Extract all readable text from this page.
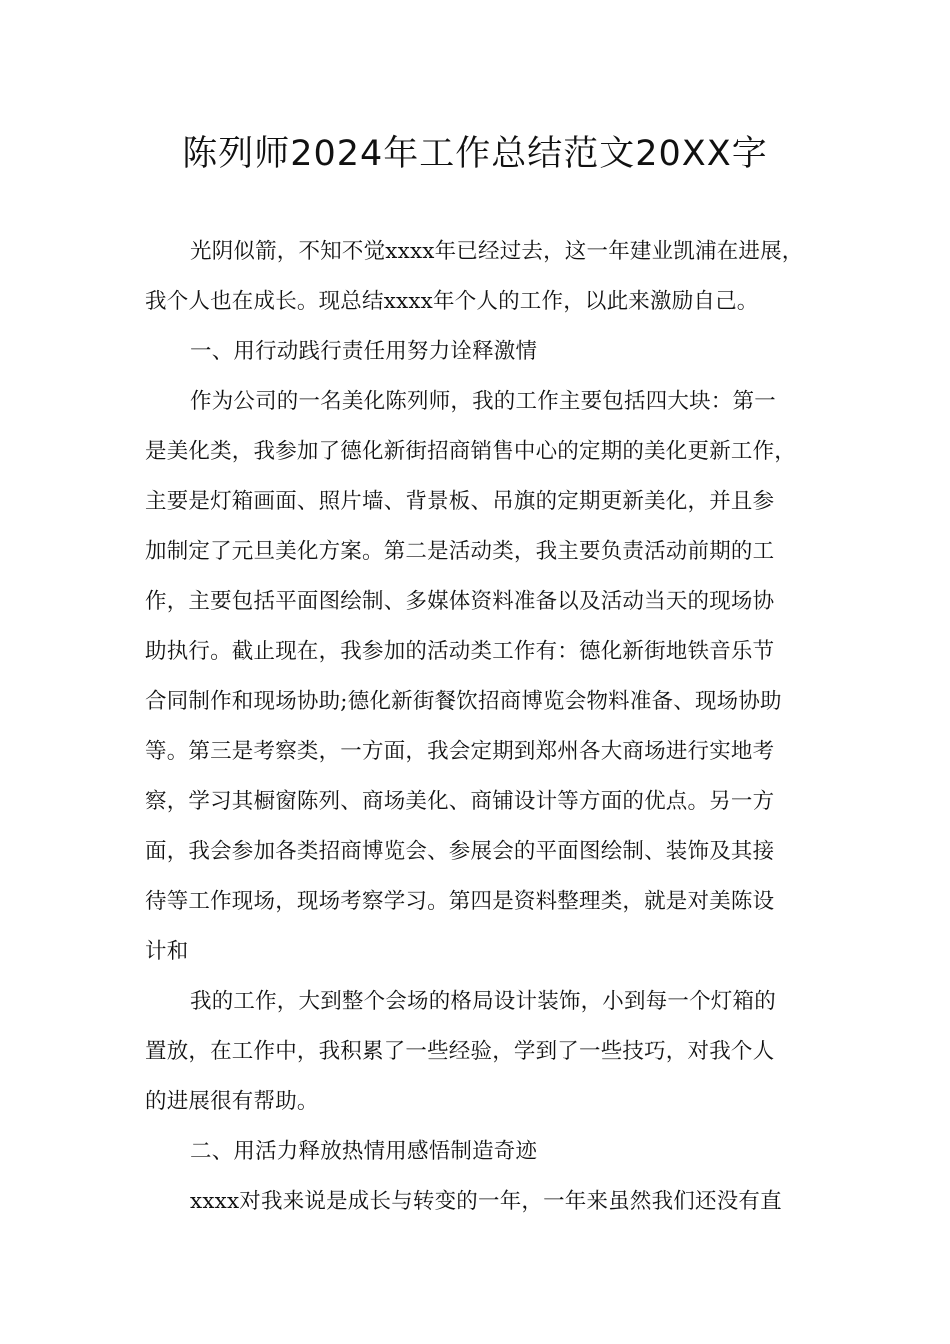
陈列师2024年工作总结范文20XX字
光阴似箭，不知不觉xxxx年已经过去，这一年建业凯浦在进展，
我个人也在成长。现总结xxxx年个人的工作，以此来激励自己。
一、用行动践行责任用努力诠释激情
作为公司的一名美化陈列师，我的工作主要包括四大块：第一
是美化类，我参加了德化新街招商销售中心的定期的美化更新工作，
主要是灯箱画面、照片墙、背景板、吊旗的定期更新美化，并且参
加制定了元旦美化方案。第二是活动类，我主要负责活动前期的工
作，主要包括平面图绘制、多媒体资料准备以及活动当天的现场协
助执行。截止现在，我参加的活动类工作有：德化新街地铁音乐节
合同制作和现场协助;德化新街餐饮招商博览会物料准备、现场协助
等。第三是考察类，一方面，我会定期到郑州各大商场进行实地考
察，学习其橱窗陈列、商场美化、商铺设计等方面的优点。另一方
面，我会参加各类招商博览会、参展会的平面图绘制、装饰及其接
待等工作现场，现场考察学习。第四是资料整理类，就是对美陈设
计和
我的工作，大到整个会场的格局设计装饰，小到每一个灯箱的
置放，在工作中，我积累了一些经验，学到了一些技巧，对我个人
的进展很有帮助。
二、用活力释放热情用感悟制造奇迹
xxxx对我来说是成长与转变的一年，一年来虽然我们还没有直
